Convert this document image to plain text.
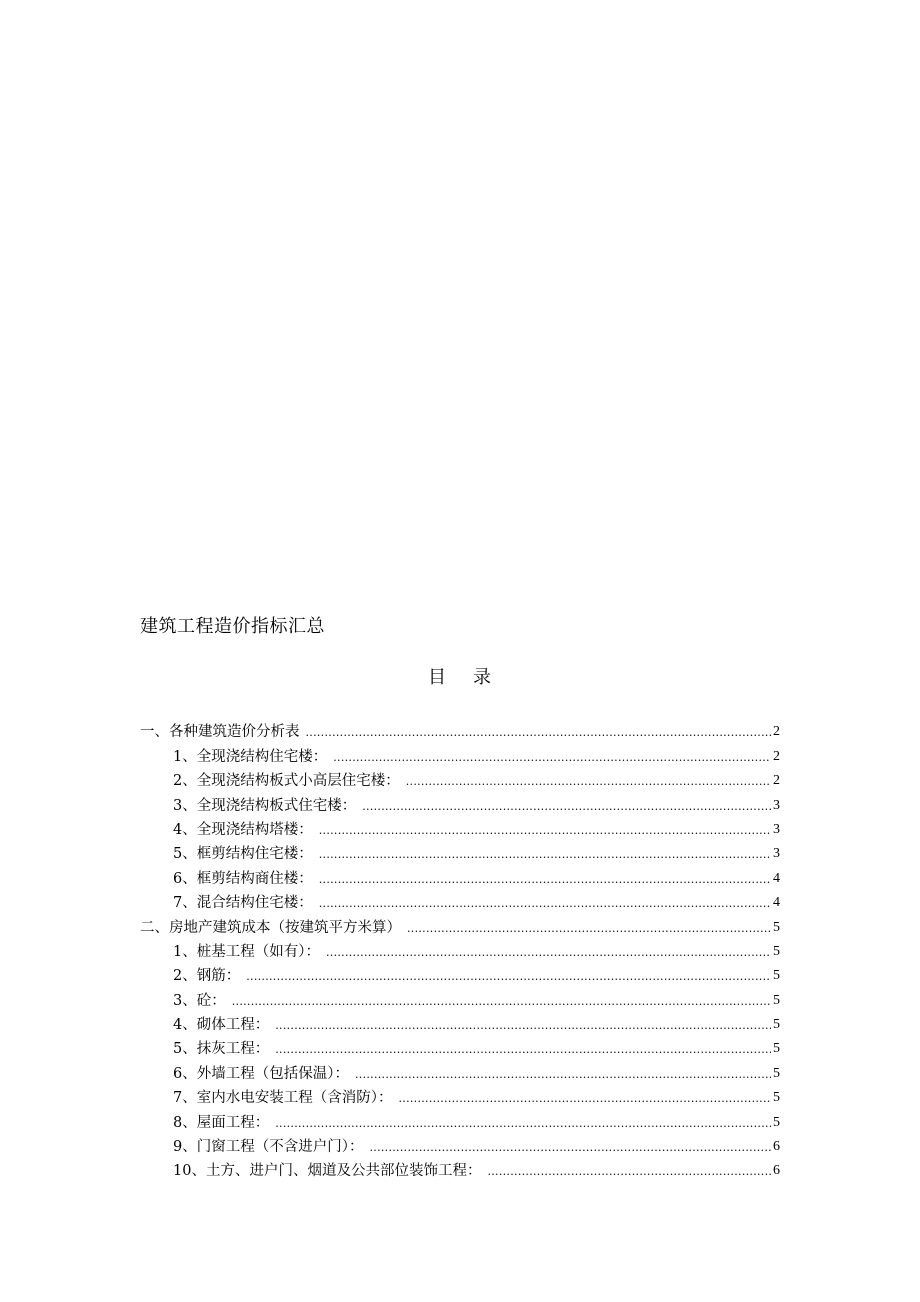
建筑工程造价指标汇总
目 录
一、各种建筑造价分析表 .....	2
1、全现浇结构住宅楼： .....	2
2、全现浇结构板式小高层住宅楼： .....	2
3、全现浇结构板式住宅楼： .....	3
4、全现浇结构塔楼： .....	3
5、框剪结构住宅楼： .....	3
6、框剪结构商住楼： .....	4
7、混合结构住宅楼： .....	4
二、房地产建筑成本（按建筑平方米算） .....	5
1、桩基工程（如有）： .....	5
2、钢筋： .....	5
3、砼： .....	5
4、砌体工程： .....	5
5、抹灰工程： .....	5
6、外墙工程（包括保温）： .....	5
7、室内水电安装工程（含消防）： .....	5
8、屋面工程： .....	5
9、门窗工程（不含进户门）： .....	6
10、土方、进户门、烟道及公共部位装饰工程： .....	6
